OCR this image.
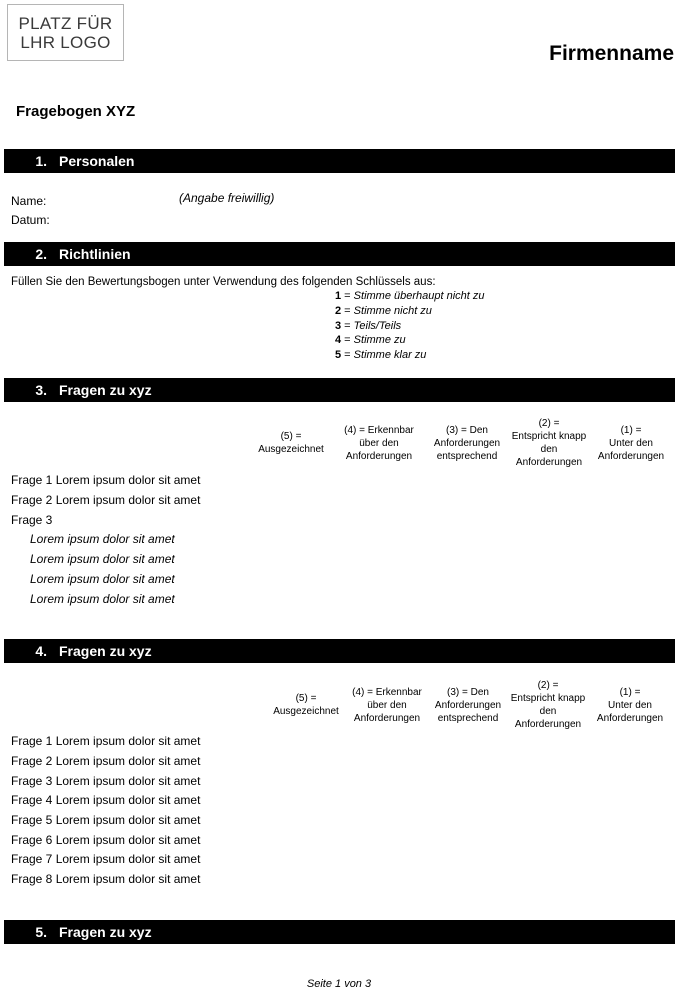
PLATZ FÜR
LHR LOGO	Firmenname
Fragebogen XYZ
1. Personalen
Name:
Datum:
(Angabe freiwillig)
2. Richtlinien
Füllen Sie den Bewertungsbogen unter Verwendung des folgenden Schlüssels aus:
1 = Stimme überhaupt nicht zu
2 = Stimme nicht zu
3 = Teils/Teils
4 = Stimme zu
5 = Stimme klar zu
3. Fragen zu xyz
(5) =
Ausgezeichnet
(4) = Erkennbar
über den
Anforderungen
(3) = Den
Anforderungen
entsprechend
(2) =
Entspricht knapp
den
Anforderungen
(1) =
Unter den
Anforderungen
Frage 1 Lorem ipsum dolor sit amet
Frage 2 Lorem ipsum dolor sit amet
Frage 3
Lorem ipsum dolor sit amet
Lorem ipsum dolor sit amet
Lorem ipsum dolor sit amet
Lorem ipsum dolor sit amet
4. Fragen zu xyz
(5) =
Ausgezeichnet
(4) = Erkennbar
über den
Anforderungen
(3) = Den
Anforderungen
entsprechend
(2) =
Entspricht knapp
den
Anforderungen
(1) =
Unter den
Anforderungen
Frage 1 Lorem ipsum dolor sit amet
Frage 2 Lorem ipsum dolor sit amet
Frage 3 Lorem ipsum dolor sit amet
Frage 4 Lorem ipsum dolor sit amet
Frage 5 Lorem ipsum dolor sit amet
Frage 6 Lorem ipsum dolor sit amet
Frage 7 Lorem ipsum dolor sit amet
Frage 8 Lorem ipsum dolor sit amet
5. Fragen zu xyz
Seite 1 von 3
